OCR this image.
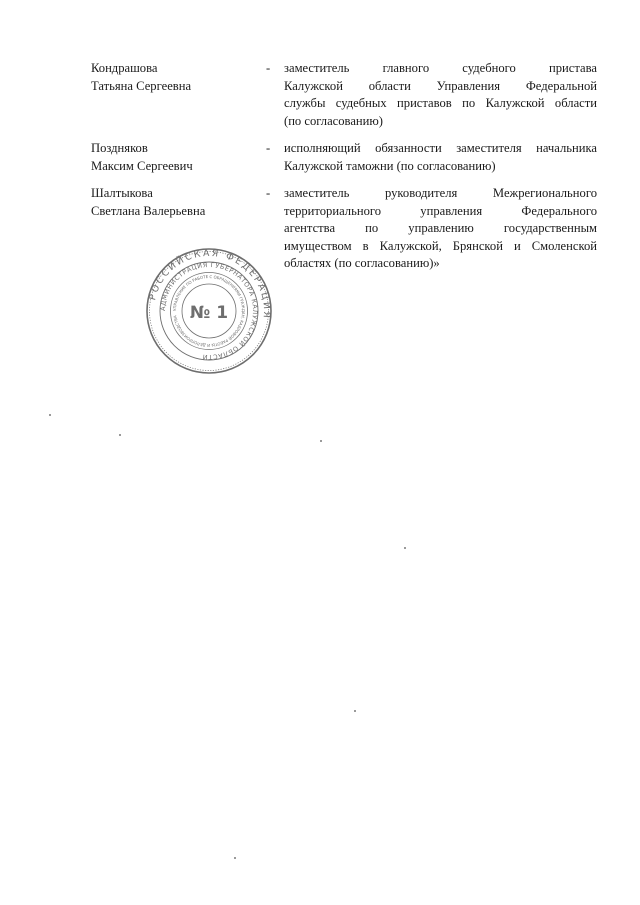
Кондрашова
Татьяна Сергеевна
- заместитель главного судебного пристава
Калужской области Управления Федеральной
службы судебных приставов по Калужской области
(по согласованию)
Поздняков
Максим Сергеевич
- исполняющий обязанности заместителя начальника
Калужской таможни (по согласованию)
Шалтыкова
Светлана Валерьевна
- заместитель руководителя Межрегионального
территориального управления Федерального
агентства по управлению государственным
имуществом в Калужской, Брянской и Смоленской
областях (по согласованию)»
РОССИЙСКАЯ ФЕДЕРАЦИЯ
АДМИНИСТРАЦИЯ ГУБЕРНАТОРА КАЛУЖСКОЙ ОБЛАСТИ
УПРАВЛЕНИЕ ПО РАБОТЕ С ОБРАЩЕНИЯМИ ГРАЖДАН, КАДРОВОЙ РАБОТЫ И ДЕЛОПРОИЗВОДСТВА № 1
